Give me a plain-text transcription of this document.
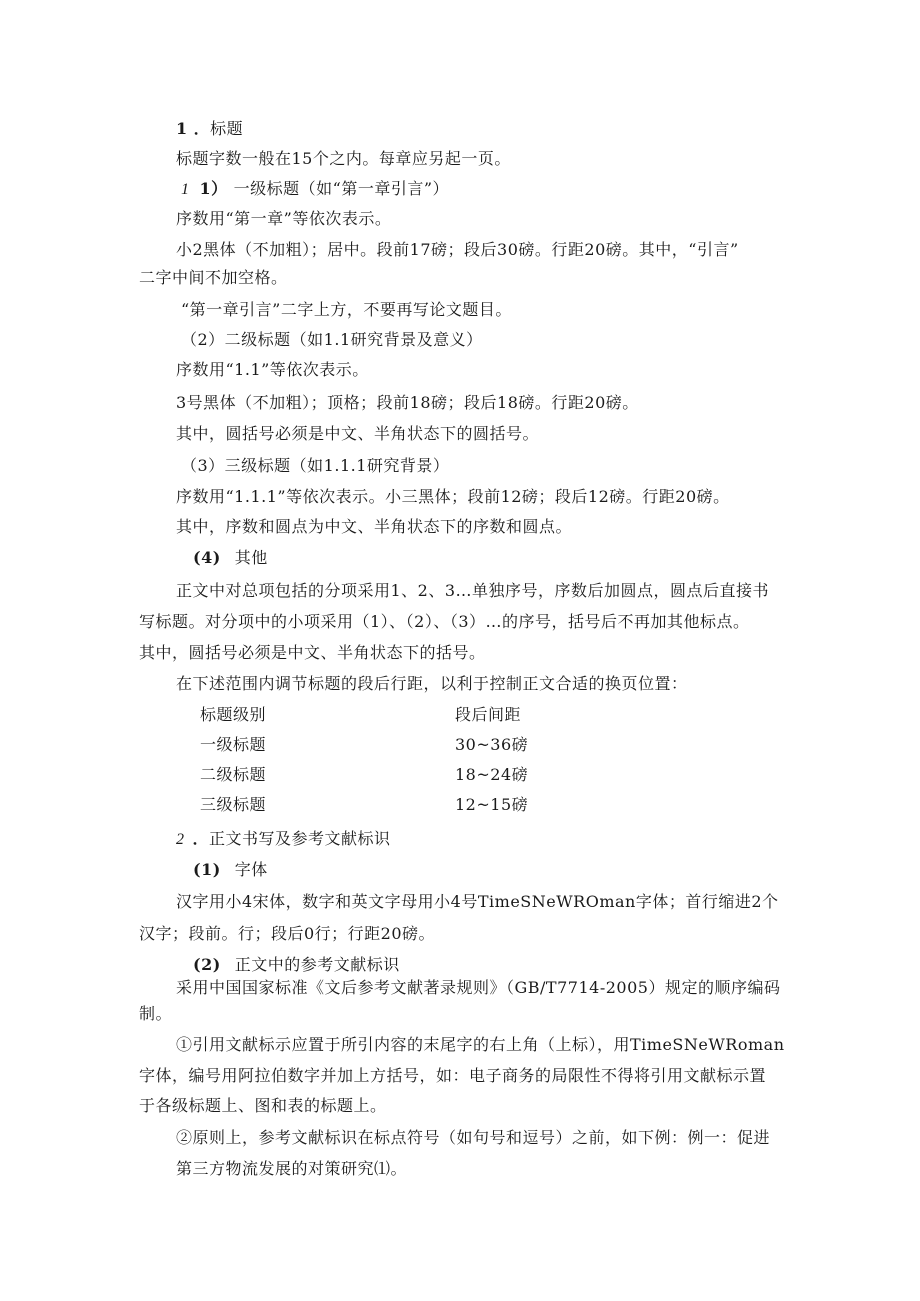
1 ．标题
标题字数一般在15个之内。每章应另起一页。
1 1） 一级标题（如“第一章引言”）
序数用“第一章”等依次表示。
小2黑体（不加粗）；居中。段前17磅；段后30磅。行距20磅。其中，“引言”
二字中间不加空格。
“第一章引言”二字上方，不要再写论文题目。
（2）二级标题（如1.1研究背景及意义）
序数用“1.1”等依次表示。
3号黑体（不加粗）；顶格；段前18磅；段后18磅。行距20磅。
其中，圆括号必须是中文、半角状态下的圆括号。
（3）三级标题（如1.1.1研究背景）
序数用“1.1.1”等依次表示。小三黑体；段前12磅；段后12磅。行距20磅。
其中，序数和圆点为中文、半角状态下的序数和圆点。
(4) 其他
正文中对总项包括的分项采用1、2、3…单独序号，序数后加圆点，圆点后直接书
写标题。对分项中的小项采用（1）、（2）、（3）…的序号，括号后不再加其他标点。
其中，圆括号必须是中文、半角状态下的括号。
在下述范围内调节标题的段后行距，以利于控制正文合适的换页位置：
标题级别	段后间距
一级标题	30~36磅
二级标题	18~24磅
三级标题	12~15磅
2 ．正文书写及参考文献标识
(1) 字体
汉字用小4宋体，数字和英文字母用小4号TimeSNeWROman字体；首行缩进2个
汉字；段前。行；段后0行；行距20磅。
(2) 正文中的参考文献标识
采用中国国家标准《文后参考文献著录规则》（GB/T7714-2005）规定的顺序编码
制。
①引用文献标示应置于所引内容的末尾字的右上角（上标），用TimeSNeWRoman
字体，编号用阿拉伯数字并加上方括号，如：电子商务的局限性不得将引用文献标示置
于各级标题上、图和表的标题上。
②原则上，参考文献标识在标点符号（如句号和逗号）之前，如下例：例一：促进
第三方物流发展的对策研究⑴。
